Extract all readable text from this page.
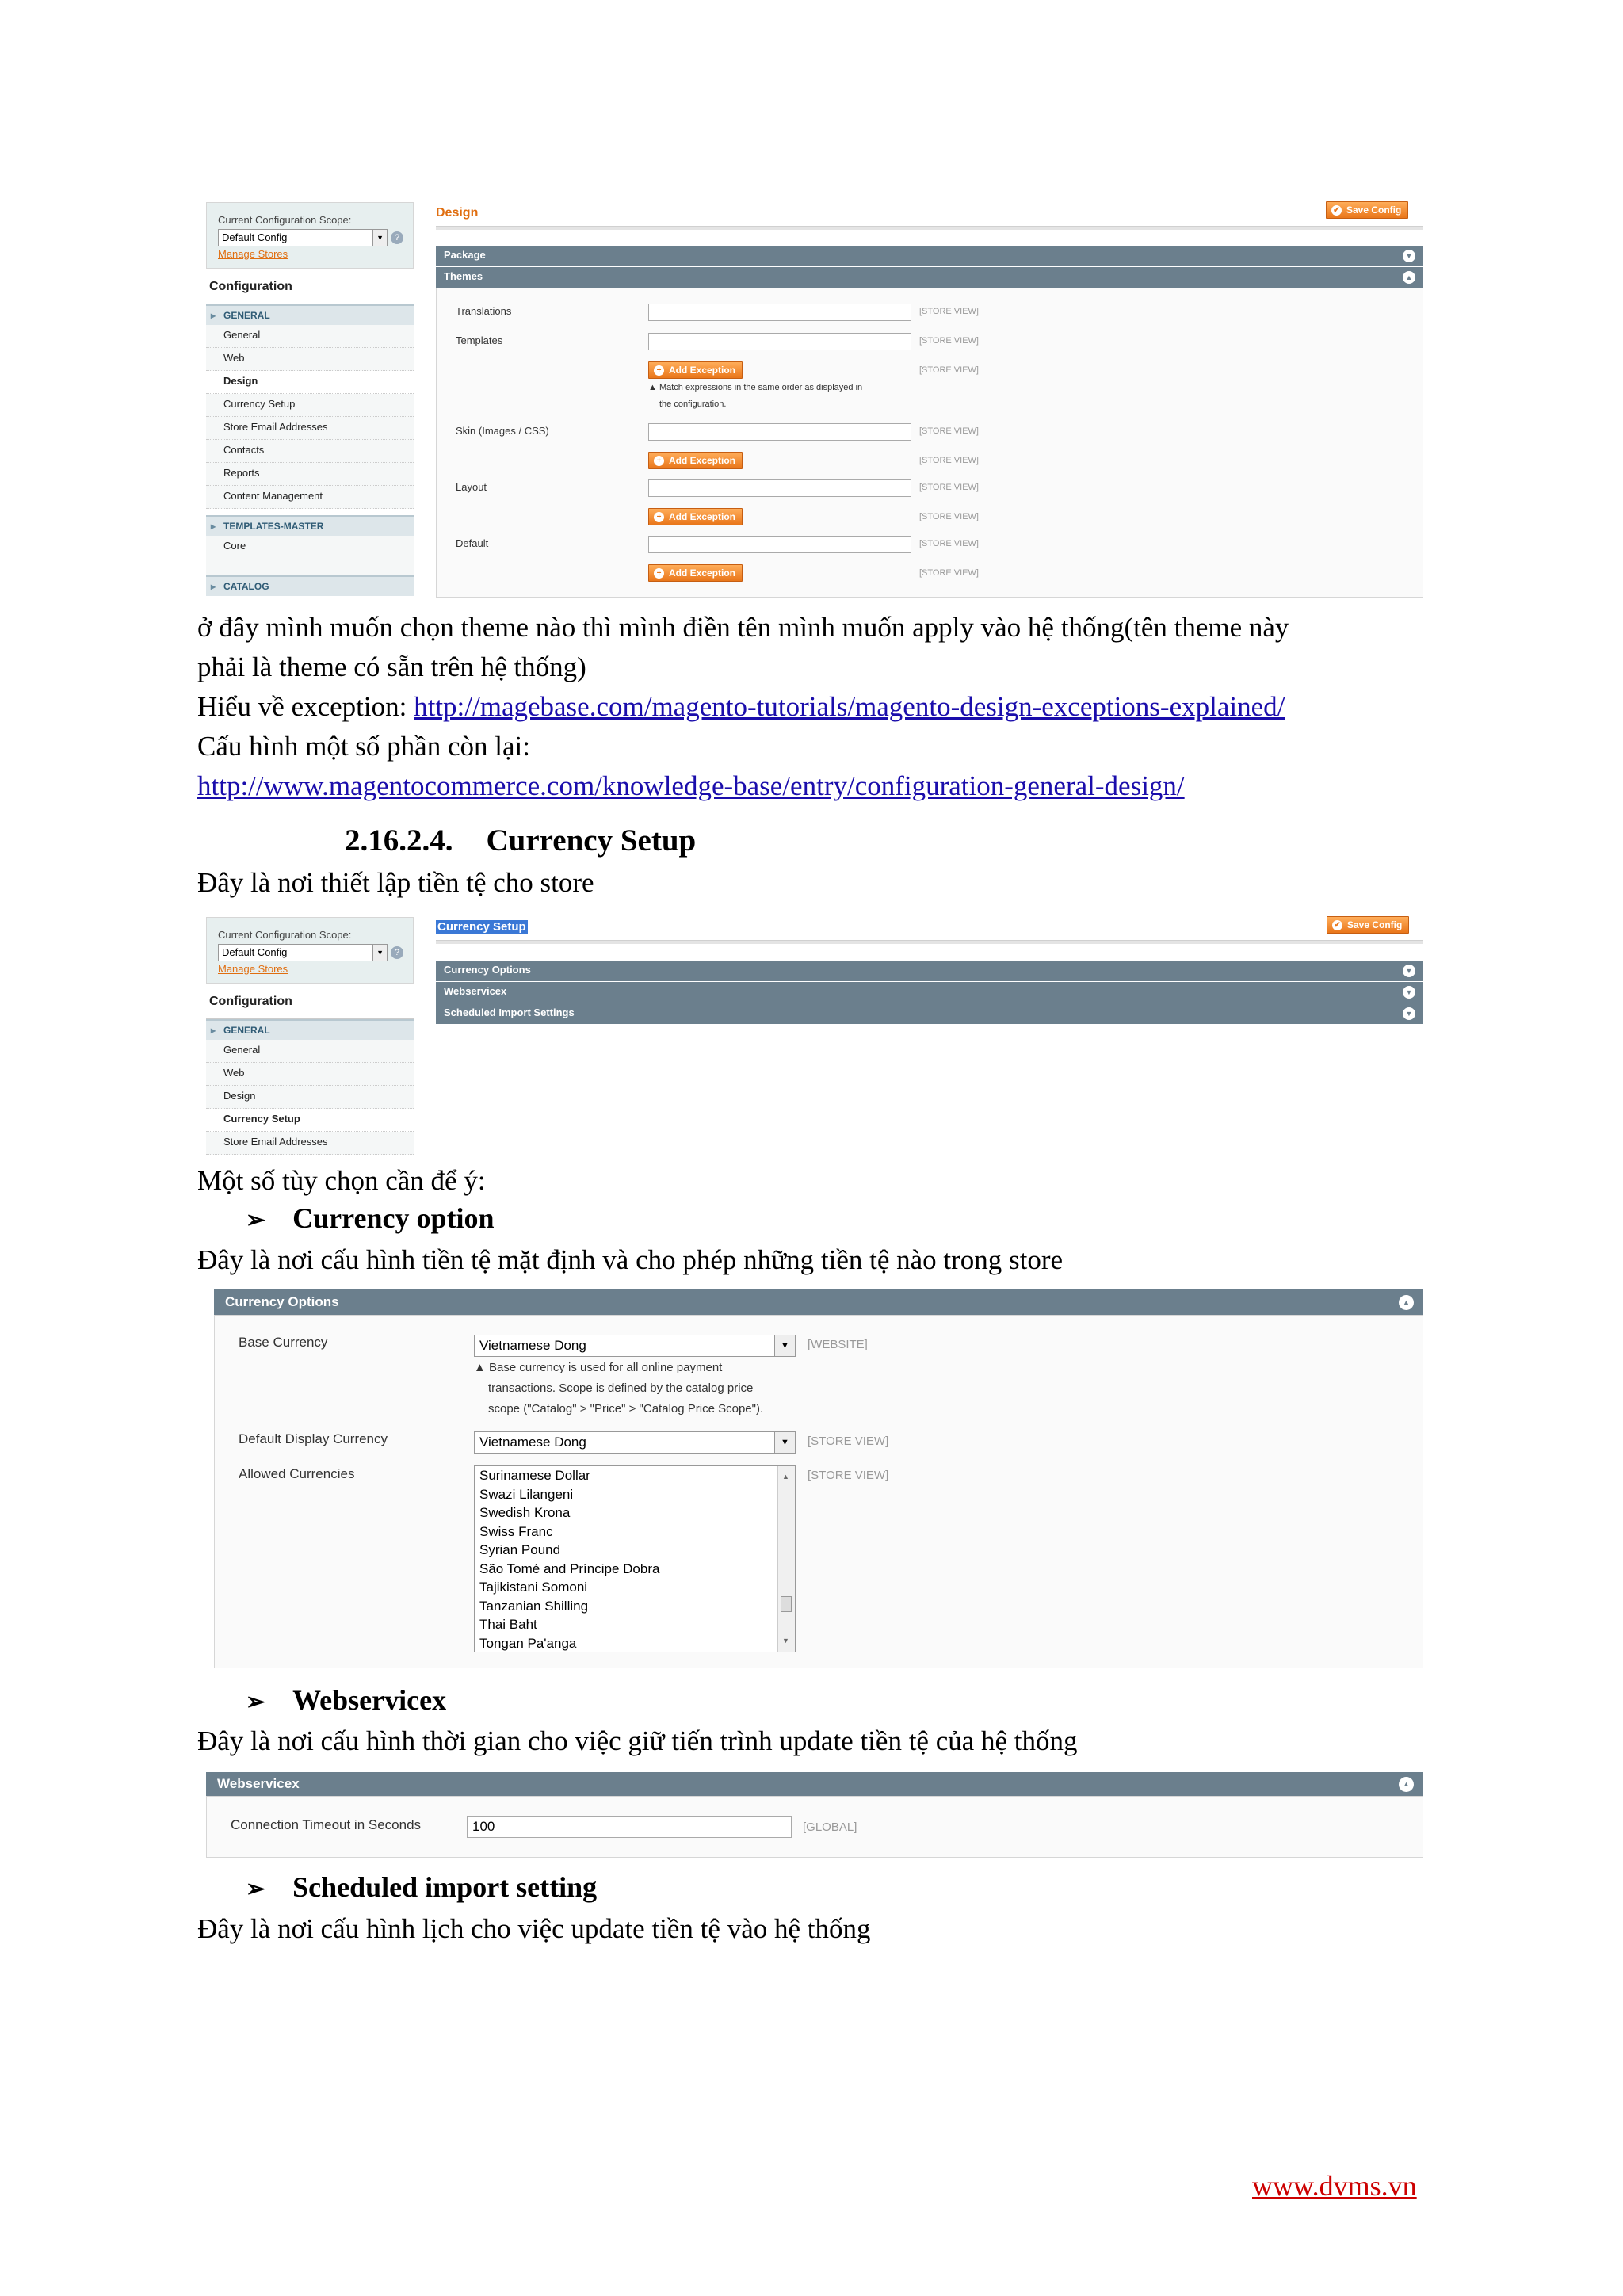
Current Configuration Scope:
Default Config	▼	?
Manage Stores
Configuration
▸ GENERAL
General
Web
Design
Currency Setup
Store Email Addresses
Contacts
Reports
Content Management
▸ TEMPLATES-MASTER
Core
▸ CATALOG
Design	✔ Save Config
Package	▼
Themes	▲
Translations	[STORE VIEW]
Templates	[STORE VIEW]
+ Add Exception	[STORE VIEW]
▲ Match expressions in the same order as displayed in
the configuration.
Skin (Images / CSS)	[STORE VIEW]
+ Add Exception	[STORE VIEW]
Layout	[STORE VIEW]
+ Add Exception	[STORE VIEW]
Default	[STORE VIEW]
+ Add Exception	[STORE VIEW]
ở đây mình muốn chọn theme nào thì mình điền tên mình muốn apply vào hệ thống(tên theme này
phải là theme có sẵn trên hệ thống)
Hiểu về exception: http://magebase.com/magento-tutorials/magento-design-exceptions-explained/
Cấu hình một số phần còn lại:
http://www.magentocommerce.com/knowledge-base/entry/configuration-general-design/
2.16.2.4. Currency Setup
Đây là nơi thiết lập tiền tệ cho store
Current Configuration Scope:
Default Config	▼	?
Manage Stores
Configuration
▸ GENERAL
General
Web
Design
Currency Setup
Store Email Addresses
Currency Setup	✔ Save Config
Currency Options	▼
Webservicex	▼
Scheduled Import Settings	▼
Một số tùy chọn cần để ý:
➢ Currency option
Đây là nơi cấu hình tiền tệ mặt định và cho phép những tiền tệ nào trong store
Currency Options	▲
Base Currency	Vietnamese Dong	▼	[WEBSITE]
▲ Base currency is used for all online payment
transactions. Scope is defined by the catalog price
scope ("Catalog" > "Price" > "Catalog Price Scope").
Default Display Currency	Vietnamese Dong	▼	[STORE VIEW]
Allowed Currencies	Surinamese Dollar
Swazi Lilangeni
Swedish Krona
Swiss Franc
Syrian Pound
São Tomé and Príncipe Dobra
Tajikistani Somoni
Tanzanian Shilling
Thai Baht
Tongan Pa'anga
▲
▼
[STORE VIEW]
➢ Webservicex
Đây là nơi cấu hình thời gian cho việc giữ tiến trình update tiền tệ của hệ thống
Webservicex	▲
Connection Timeout in Seconds	100	[GLOBAL]
➢ Scheduled import setting
Đây là nơi cấu hình lịch cho việc update tiền tệ vào hệ thống
www.dvms.vn
